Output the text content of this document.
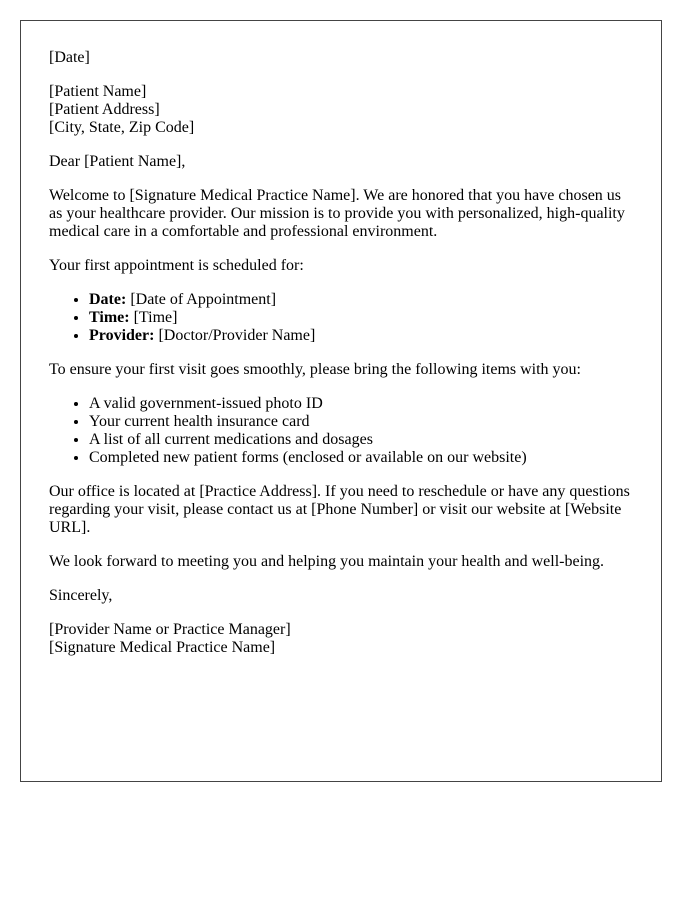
[Date]

[Patient Name]
[Patient Address]
[City, State, Zip Code]

Dear [Patient Name],

Welcome to [Signature Medical Practice Name]. We are honored that you have chosen us as your healthcare provider. Our mission is to provide you with personalized, high-quality medical care in a comfortable and professional environment.

Your first appointment is scheduled for:

• Date: [Date of Appointment]
• Time: [Time]
• Provider: [Doctor/Provider Name]

To ensure your first visit goes smoothly, please bring the following items with you:

• A valid government-issued photo ID
• Your current health insurance card
• A list of all current medications and dosages
• Completed new patient forms (enclosed or available on our website)

Our office is located at [Practice Address]. If you need to reschedule or have any questions regarding your visit, please contact us at [Phone Number] or visit our website at [Website URL].

We look forward to meeting you and helping you maintain your health and well-being.

Sincerely,

[Provider Name or Practice Manager]
[Signature Medical Practice Name]
